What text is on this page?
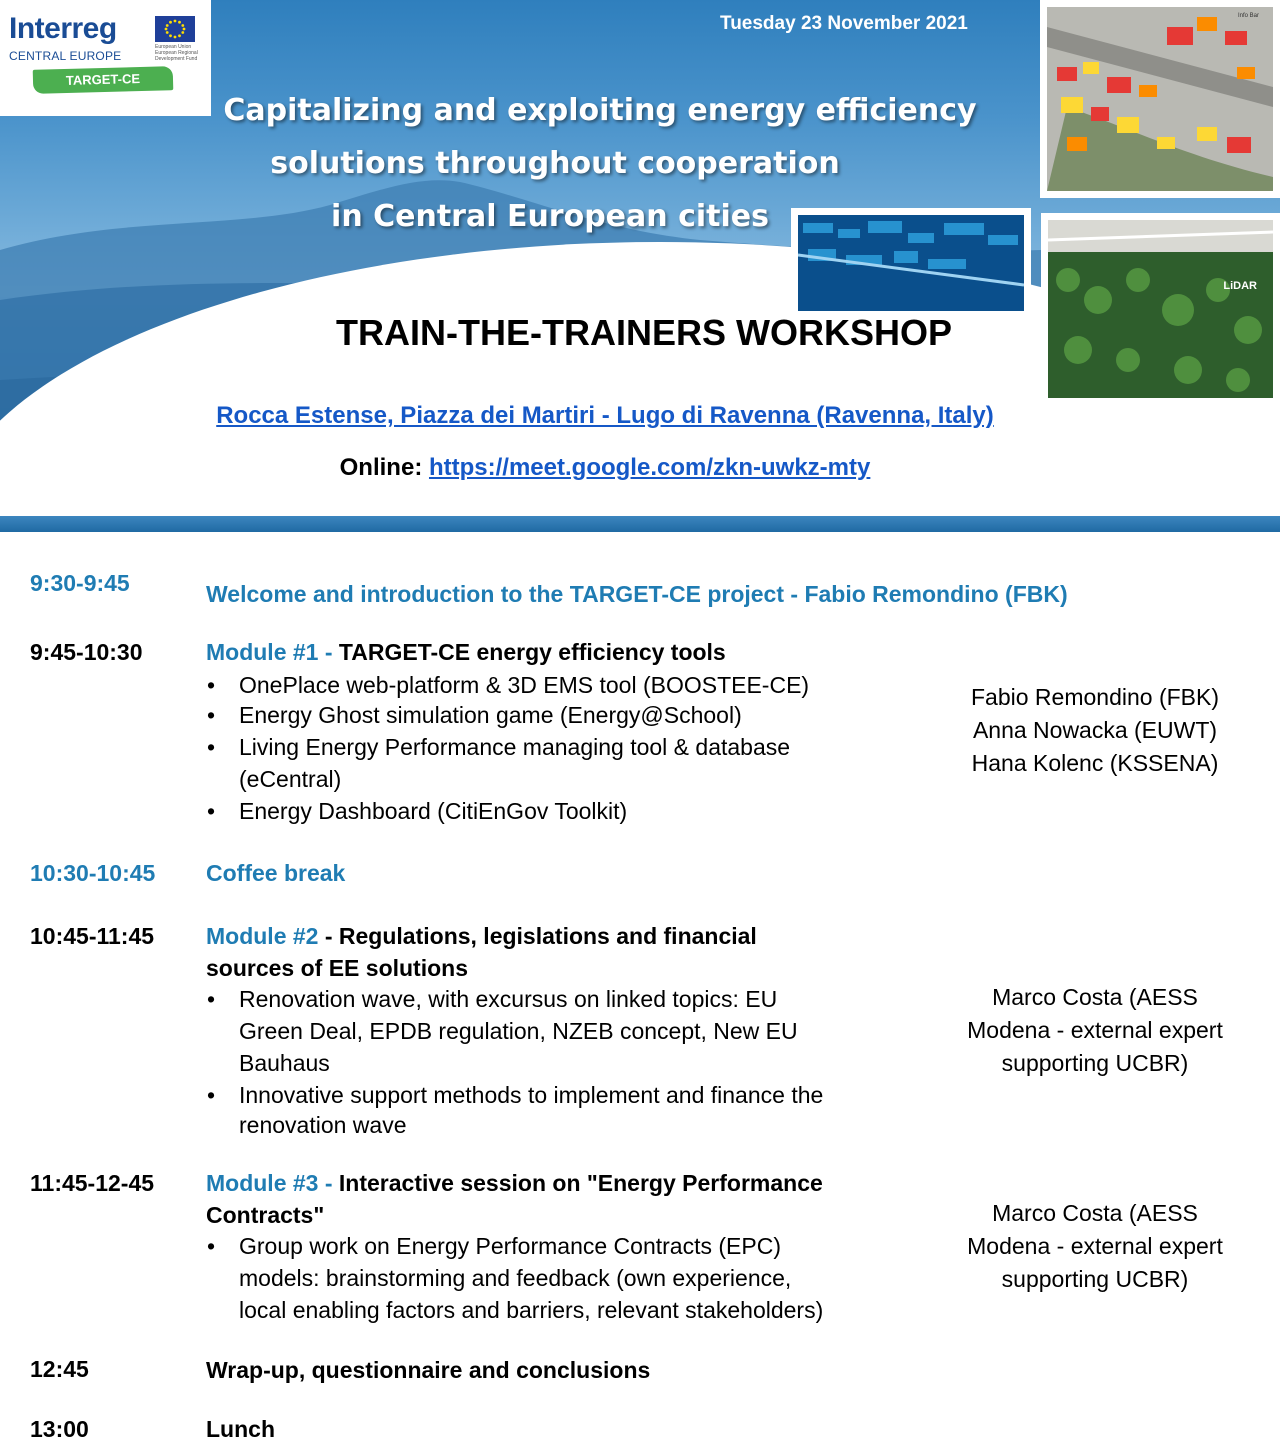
Info Bar
LiDAR
Interreg
European Union European Regional Development Fund
CENTRAL EUROPE
TARGET-CE
Tuesday 23 November 2021
Capitalizing and exploiting energy efficiency
solutions throughout cooperation
in Central European cities
TRAIN-THE-TRAINERS WORKSHOP
Rocca Estense, Piazza dei Martiri - Lugo di Ravenna (Ravenna, Italy)
Online: https://meet.google.com/zkn-uwkz-mty
9:30-9:45	Welcome and introduction to the TARGET-CE project - Fabio Remondino (FBK)
9:45-10:30	Module #1 - TARGET-CE energy efficiency tools
• OnePlace web-platform & 3D EMS tool (BOOSTEE-CE)
• Energy Ghost simulation game (Energy@School)
• Living Energy Performance managing tool & database
(eCentral)
• Energy Dashboard (CitiEnGov Toolkit)
Fabio Remondino (FBK)
Anna Nowacka (EUWT)
Hana Kolenc (KSSENA)
10:30-10:45 Coffee break
10:45-11:45 Module #2 - Regulations, legislations and financial
sources of EE solutions
• Renovation wave, with excursus on linked topics: EU
Green Deal, EPDB regulation, NZEB concept, New EU
Bauhaus
• Innovative support methods to implement and finance the
renovation wave
Marco Costa (AESS
Modena - external expert
supporting UCBR)
11:45-12-45 Module #3 - Interactive session on "Energy Performance
Contracts"
• Group work on Energy Performance Contracts (EPC)
models: brainstorming and feedback (own experience,
local enabling factors and barriers, relevant stakeholders)
Marco Costa (AESS
Modena - external expert
supporting UCBR)
12:45	Wrap-up, questionnaire and conclusions
13:00	Lunch
